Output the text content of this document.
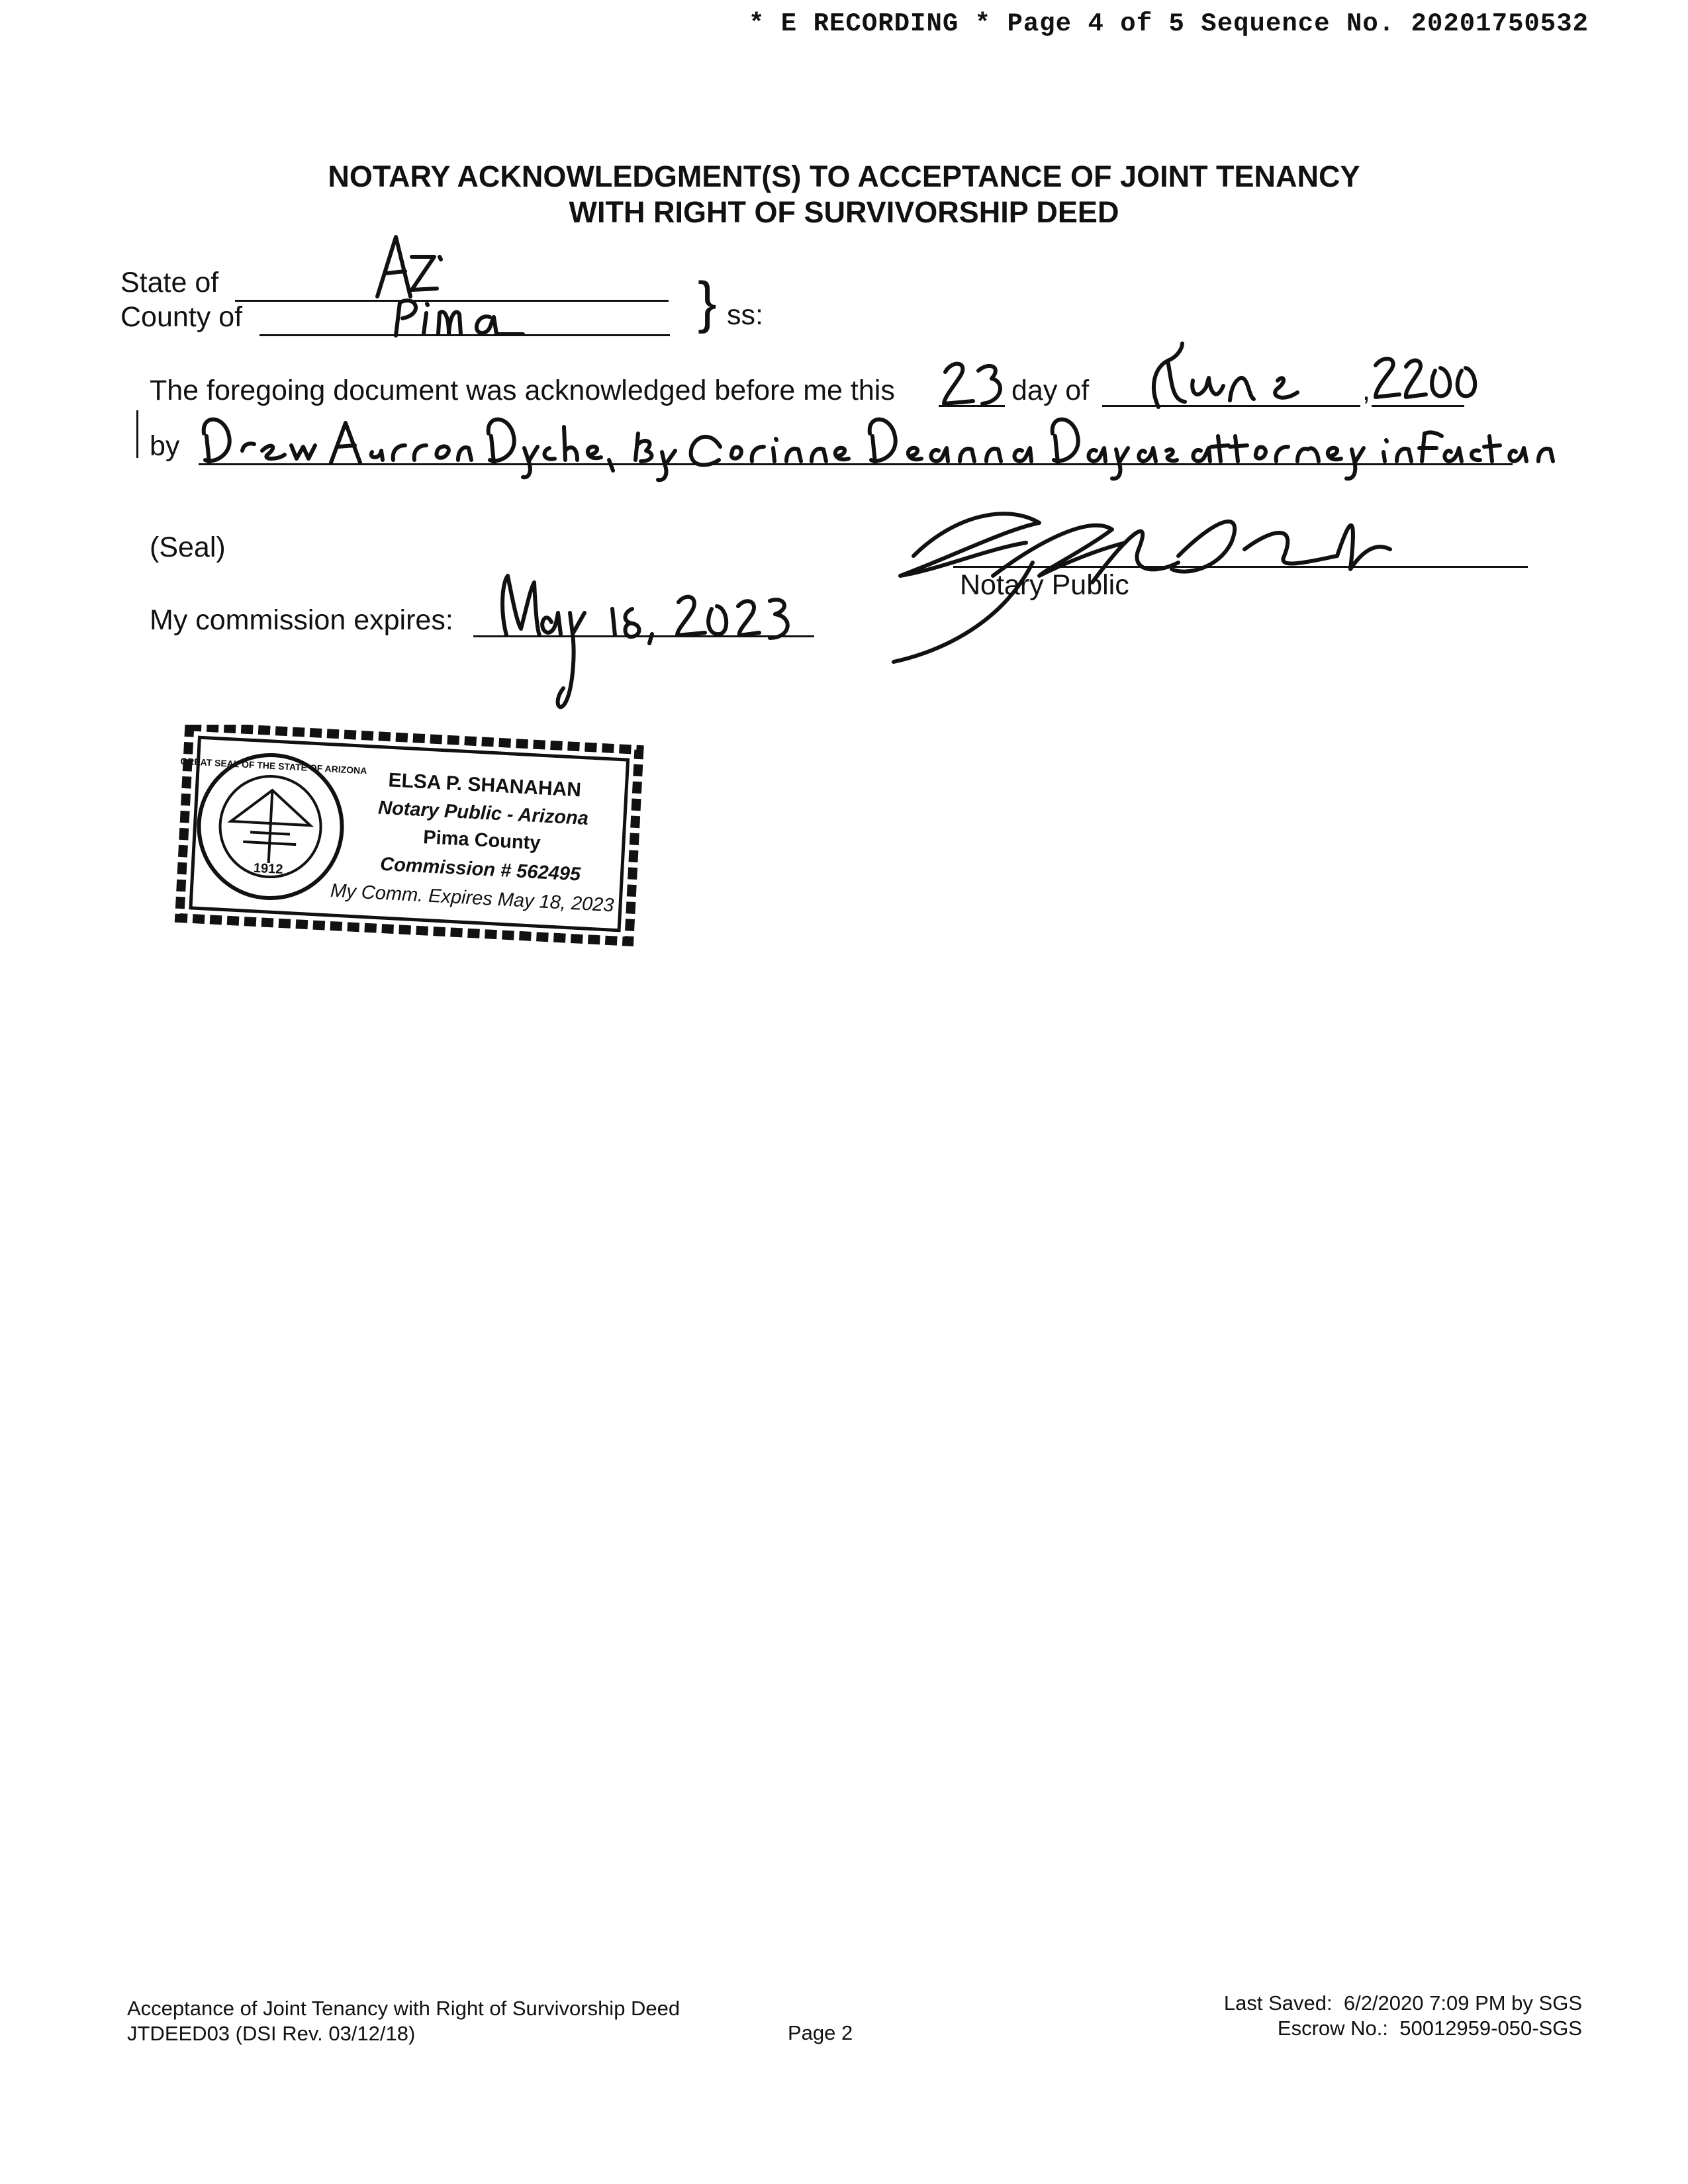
* E RECORDING * Page 4 of 5 Sequence No. 20201750532
NOTARY ACKNOWLEDGMENT(S) TO ACCEPTANCE OF JOINT TENANCY
WITH RIGHT OF SURVIVORSHIP DEED
State of
County of	} ss:
The foregoing document was acknowledged before me this	day of	,
by
(Seal)
Notary Public
My commission expires:
1912
GREAT SEAL OF THE STATE OF ARIZONA
ELSA P. SHANAHAN
Notary Public - Arizona
Pima County
Commission # 562495
My Comm. Expires May 18, 2023
Acceptance of Joint Tenancy with Right of Survivorship Deed
JTDEED03 (DSI Rev. 03/12/18)	Page 2
Last Saved:  6/2/2020 7:09 PM by SGS
Escrow No.:  50012959-050-SGS
